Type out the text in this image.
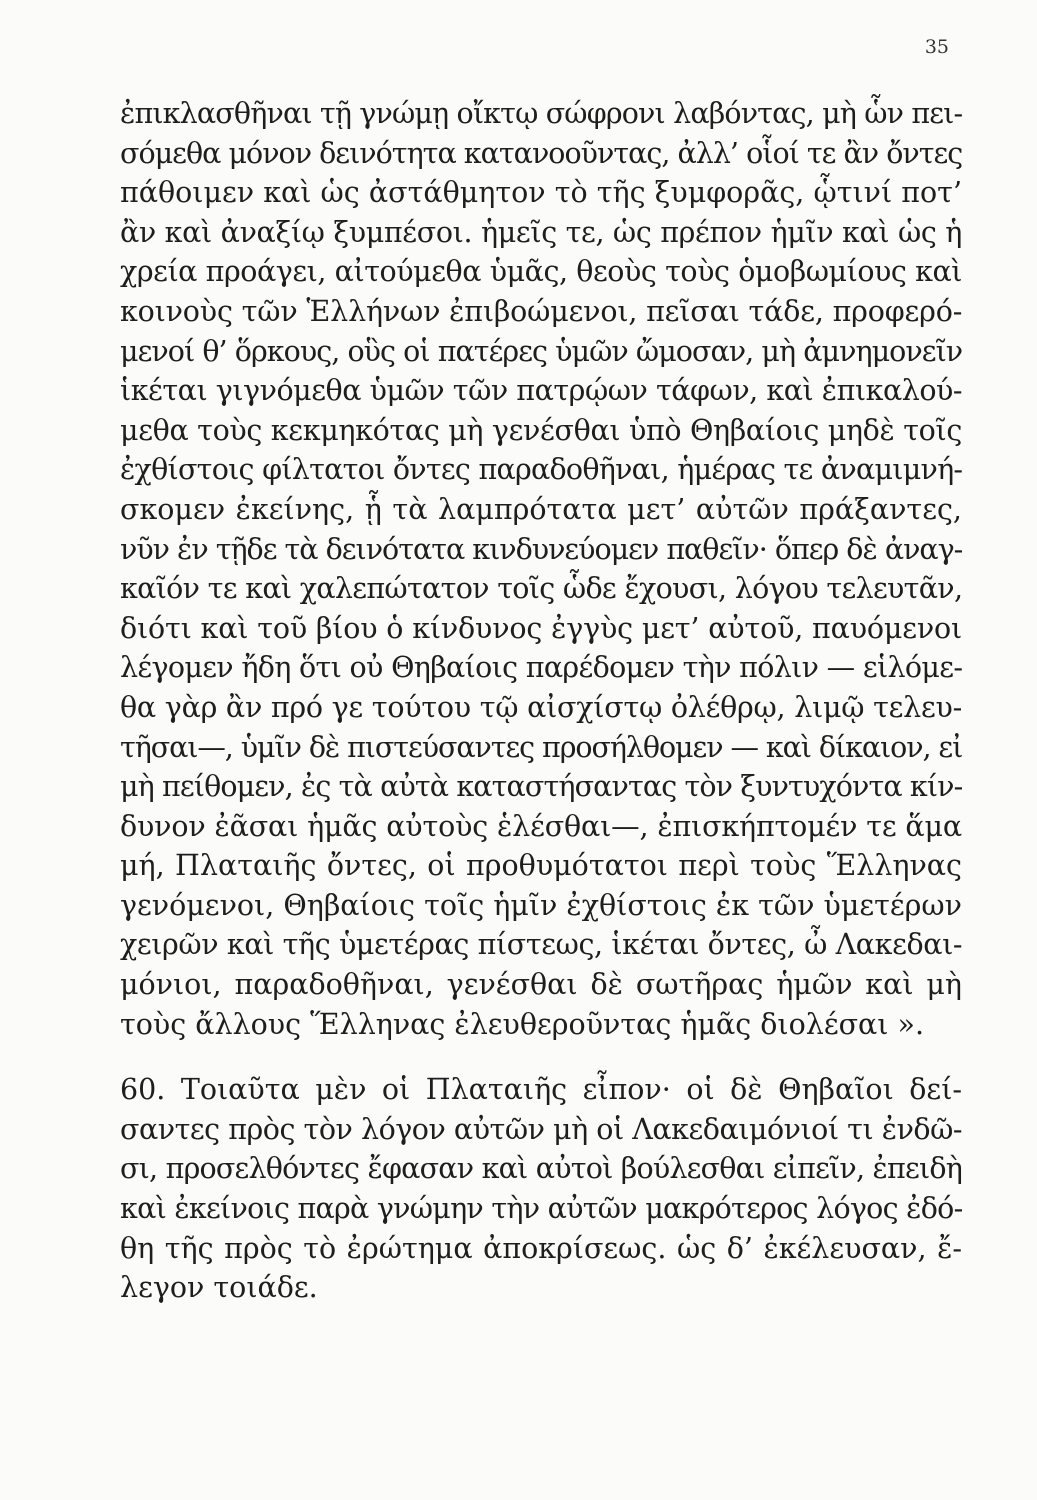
35
ἐπικλασθῆναι τῇ γνώμῃ οἴκτῳ σώφρονι λαβόντας, μὴ ὧν πει-
σόμεθα μόνον δεινότητα κατανοοῦντας, ἀλλ’ οἷοί τε ἂν ὄντες
πάθοιμεν καὶ ὡς ἀστάθμητον τὸ τῆς ξυμφορᾶς, ᾧτινί ποτ’
ἂν καὶ ἀναξίῳ ξυμπέσοι. ἡμεῖς τε, ὡς πρέπον ἡμῖν καὶ ὡς ἡ
χρεία προάγει, αἰτούμεθα ὑμᾶς, θεοὺς τοὺς ὁμοβωμίους καὶ
κοινοὺς τῶν Ἑλλήνων ἐπιβοώμενοι, πεῖσαι τάδε, προφερό-
μενοί θ’ ὅρκους, οὓς οἱ πατέρες ὑμῶν ὤμοσαν, μὴ ἀμνημονεῖν
ἱκέται γιγνόμεθα ὑμῶν τῶν πατρῴων τάφων, καὶ ἐπικαλού-
μεθα τοὺς κεκμηκότας μὴ γενέσθαι ὑπὸ Θηβαίοις μηδὲ τοῖς
ἐχθίστοις φίλτατοι ὄντες παραδοθῆναι, ἡμέρας τε ἀναμιμνή-
σκομεν ἐκείνης, ᾗ τὰ λαμπρότατα μετ’ αὐτῶν πράξαντες,
νῦν ἐν τῇδε τὰ δεινότατα κινδυνεύομεν παθεῖν· ὅπερ δὲ ἀναγ-
καῖόν τε καὶ χαλεπώτατον τοῖς ὧδε ἔχουσι, λόγου τελευτᾶν,
διότι καὶ τοῦ βίου ὁ κίνδυνος ἐγγὺς μετ’ αὐτοῦ, παυόμενοι
λέγομεν ἤδη ὅτι οὐ Θηβαίοις παρέδομεν τὴν πόλιν — εἱλόμε-
θα γὰρ ἂν πρό γε τούτου τῷ αἰσχίστῳ ὀλέθρῳ, λιμῷ τελευ-
τῆσαι—, ὑμῖν δὲ πιστεύσαντες προσήλθομεν — καὶ δίκαιον, εἰ
μὴ πείθομεν, ἐς τὰ αὐτὰ καταστήσαντας τὸν ξυντυχόντα κίν-
δυνον ἐᾶσαι ἡμᾶς αὐτοὺς ἑλέσθαι—, ἐπισκήπτομέν τε ἅμα
μή, Πλαταιῆς ὄντες, οἱ προθυμότατοι περὶ τοὺς Ἕλληνας
γενόμενοι, Θηβαίοις τοῖς ἡμῖν ἐχθίστοις ἐκ τῶν ὑμετέρων
χειρῶν καὶ τῆς ὑμετέρας πίστεως, ἱκέται ὄντες, ὦ Λακεδαι-
μόνιοι, παραδοθῆναι, γενέσθαι δὲ σωτῆρας ἡμῶν καὶ μὴ
τοὺς ἄλλους Ἕλληνας ἐλευθεροῦντας ἡμᾶς διολέσαι ».
60. Τοιαῦτα μὲν οἱ Πλαταιῆς εἶπον· οἱ δὲ Θηβαῖοι δεί-
σαντες πρὸς τὸν λόγον αὐτῶν μὴ οἱ Λακεδαιμόνιοί τι ἐνδῶ-
σι, προσελθόντες ἔφασαν καὶ αὐτοὶ βούλεσθαι εἰπεῖν, ἐπειδὴ
καὶ ἐκείνοις παρὰ γνώμην τὴν αὐτῶν μακρότερος λόγος ἐδό-
θη τῆς πρὸς τὸ ἐρώτημα ἀποκρίσεως. ὡς δ’ ἐκέλευσαν, ἔ-
λεγον τοιάδε.
